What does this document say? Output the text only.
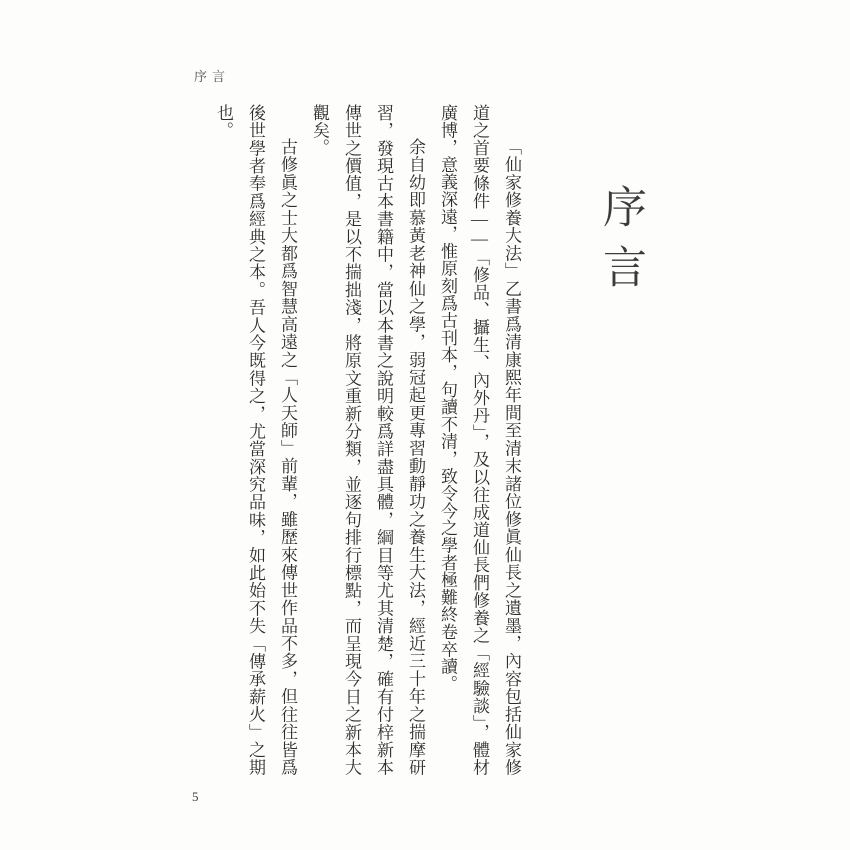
序言
序言

「仙家修養大法」乙書爲清康熙年間至清末諸位修眞仙長之遺墨，內容包括仙家修道之首要條件——「修品、攝生、內外丹」，及以往成道仙長們修養之「經驗談」，體材廣博，意義深遠，惟原刻爲古刊本，句讀不清，致令今之學者極難終卷卒讀。

余自幼即慕黃老神仙之學，弱冠起更專習動靜功之養生大法，經近三十年之揣摩研習，發現古本書籍中，當以本書之說明較爲詳盡具體，綱目等尤其清楚，確有付梓新本傳世之價值，是以不揣拙淺，將原文重新分類，並逐句排行標點，而呈現今日之新本大觀矣。

古修眞之士大都爲智慧高遠之「人天師」前輩，雖歷來傳世作品不多，但往往皆爲後世學者奉爲經典之本。吾人今既得之，尤當深究品味，如此始不失「傳承薪火」之期也。

5
